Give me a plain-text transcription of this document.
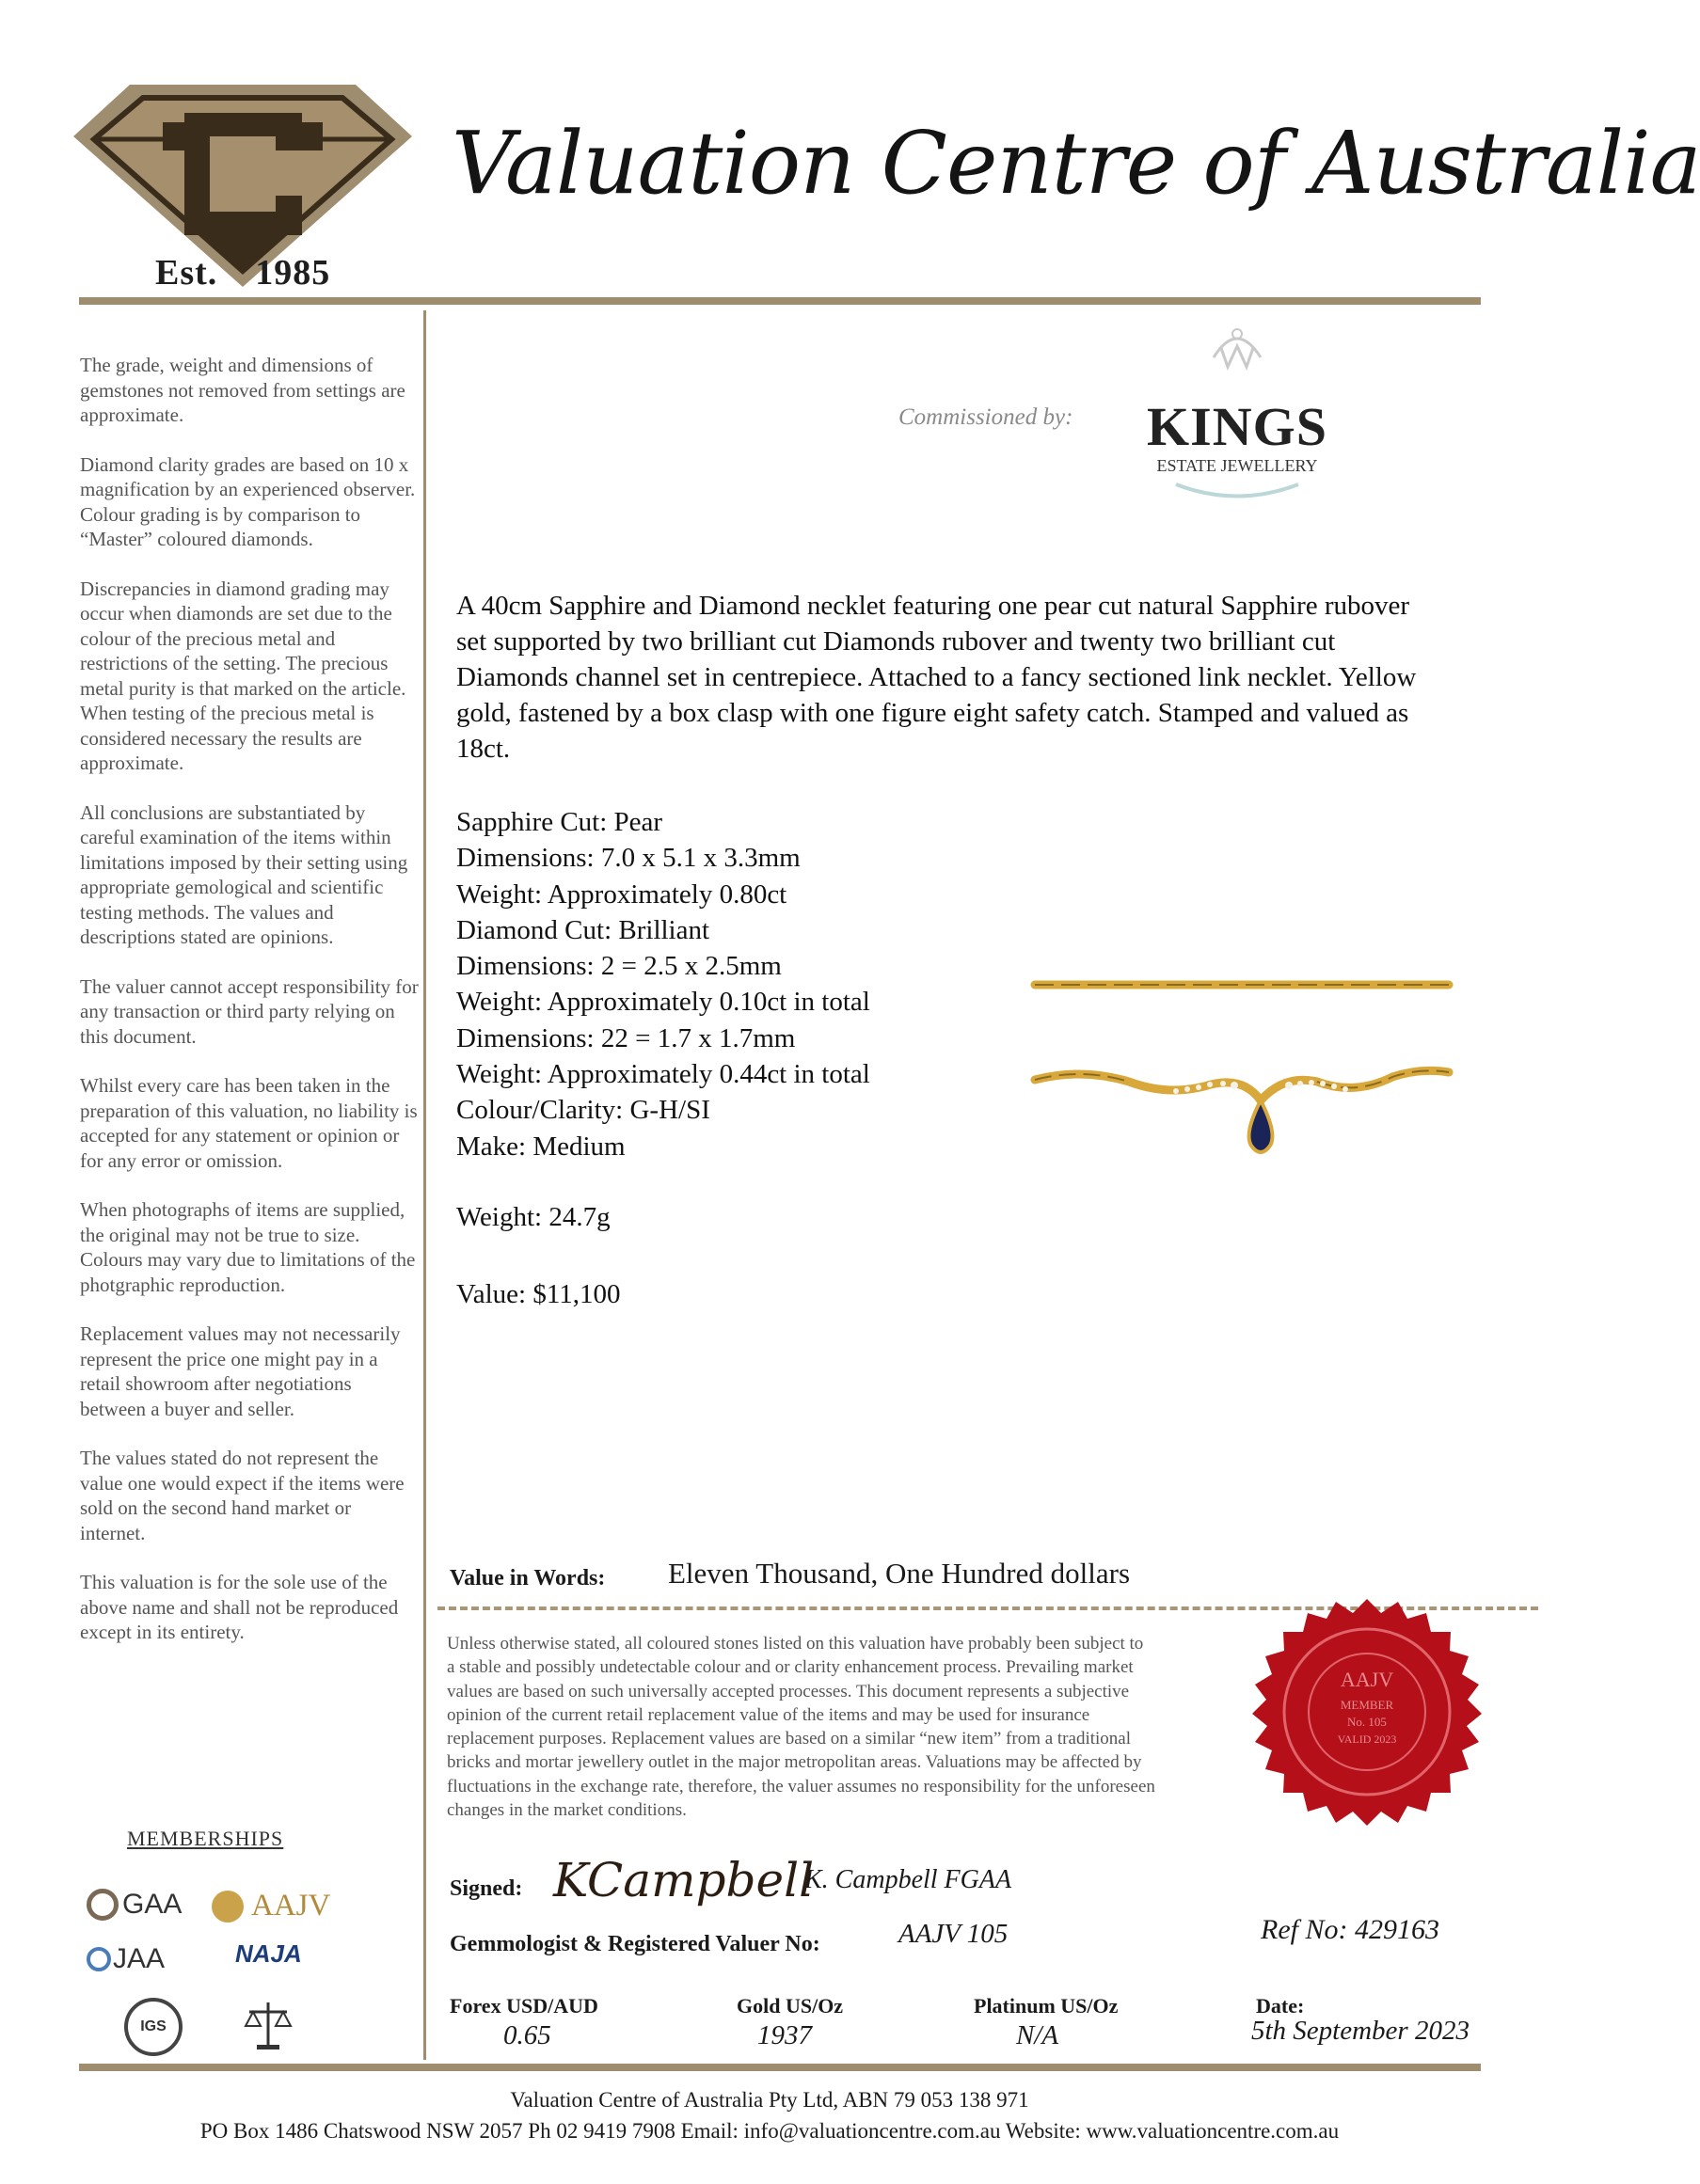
Est. 1985
Valuation Centre of Australia

The grade, weight and dimensions of gemstones not removed from settings are approximate.

Diamond clarity grades are based on 10 x magnification by an experienced observer. Colour grading is by comparison to “Master” coloured diamonds.

Discrepancies in diamond grading may occur when diamonds are set due to the colour of the precious metal and restrictions of the setting. The precious metal purity is that marked on the article. When testing of the precious metal is considered necessary the results are approximate.

All conclusions are substantiated by careful examination of the items within limitations imposed by their setting using appropriate gemological and scientific testing methods. The values and descriptions stated are opinions.

The valuer cannot accept responsibility for any transaction or third party relying on this document.

Whilst every care has been taken in the preparation of this valuation, no liability is accepted for any statement or opinion or for any error or omission.

When photographs of items are supplied, the original may not be true to size. Colours may vary due to limitations of the photgraphic reproduction.

Replacement values may not necessarily represent the price one might pay in a retail showroom after negotiations between a buyer and seller.

The values stated do not represent the value one would expect if the items were sold on the second hand market or internet.

This valuation is for the sole use of the above name and shall not be reproduced except in its entirety.

MEMBERSHIPS
GAA AAJV
JAA	NAJA
IGS
Commissioned by: KINGS
ESTATE JEWELLERY
A 40cm Sapphire and Diamond necklet featuring one pear cut natural Sapphire rubover set supported by two brilliant cut Diamonds rubover and twenty two brilliant cut Diamonds channel set in centrepiece. Attached to a fancy sectioned link necklet. Yellow gold, fastened by a box clasp with one figure eight safety catch. Stamped and valued as 18ct.
Sapphire Cut: Pear
Dimensions: 7.0 x 5.1 x 3.3mm
Weight: Approximately 0.80ct
Diamond Cut: Brilliant
Dimensions: 2 = 2.5 x 2.5mm
Weight: Approximately 0.10ct in total
Dimensions: 22 = 1.7 x 1.7mm
Weight: Approximately 0.44ct in total
Colour/Clarity: G-H/SI
Make: Medium
Weight: 24.7g
Value: $11,100
Value in Words: Eleven Thousand, One Hundred dollars
Unless otherwise stated, all coloured stones listed on this valuation have probably been subject to
a stable and possibly undetectable colour and or clarity enhancement process. Prevailing market
values are based on such universally accepted processes. This document represents a subjective
opinion of the current retail replacement value of the items and may be used for insurance
replacement purposes. Replacement values are based on a similar “new item” from a traditional
bricks and mortar jewellery outlet in the major metropolitan areas. Valuations may be affected by
fluctuations in the exchange rate, therefore, the valuer assumes no responsibility for the unforeseen
changes in the market conditions.
AAJV
MEMBER
No. 105
VALID 2023
Signed: KCampbell
K. Campbell FGAA
Gemmologist & Registered Valuer No:	AAJV 105	Ref No: 429163
Forex USD/AUD
0.65
Gold US/Oz
1937
Platinum US/Oz
N/A
Date:
5th September 2023
Valuation Centre of Australia Pty Ltd, ABN 79 053 138 971
PO Box 1486 Chatswood NSW 2057 Ph 02 9419 7908 Email: info@valuationcentre.com.au Website: www.valuationcentre.com.au
